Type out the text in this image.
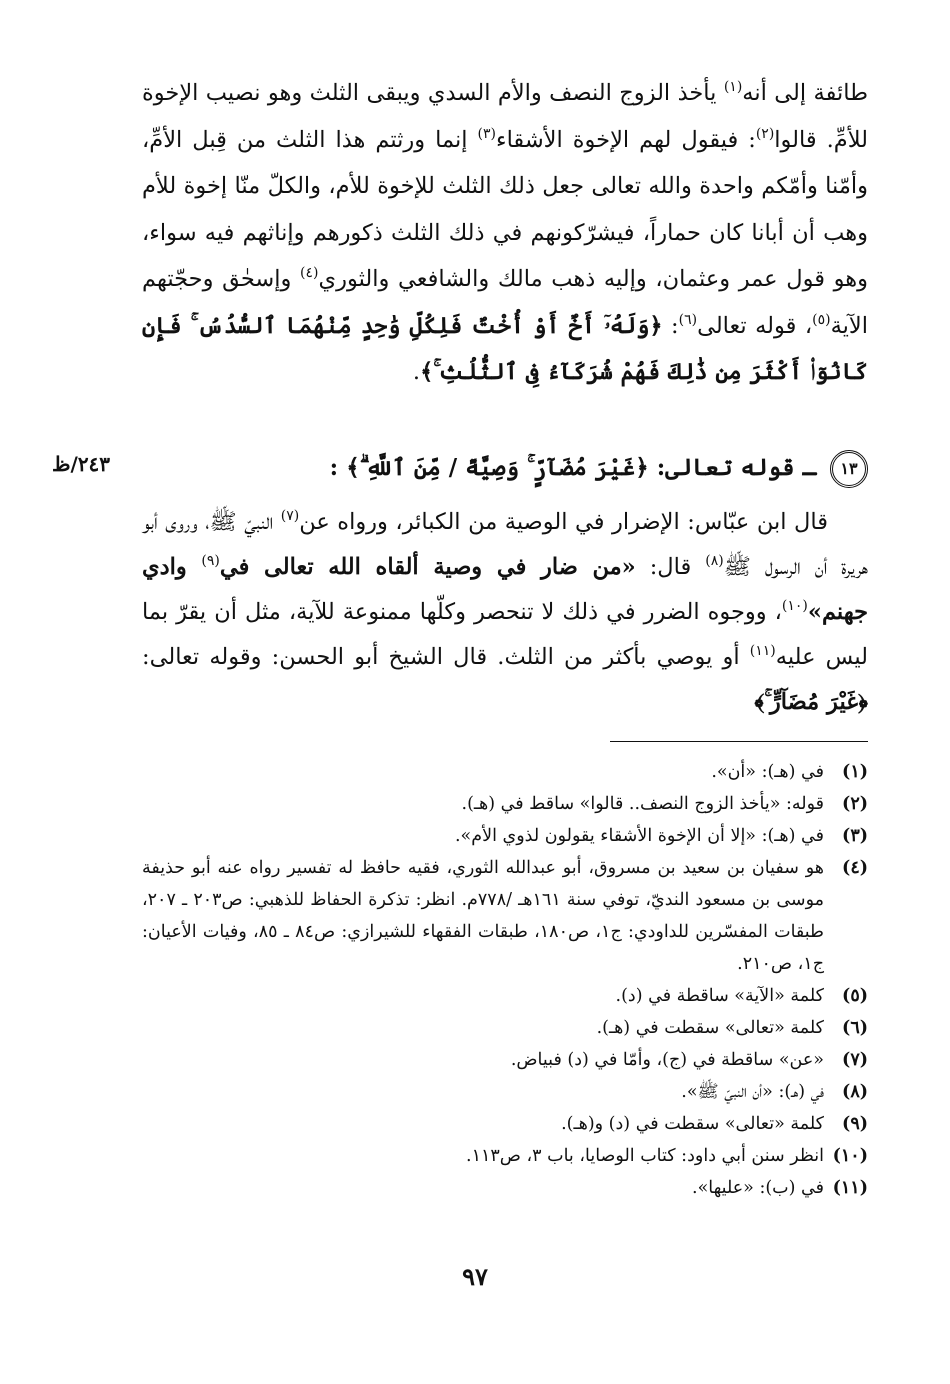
طائفة إلى أنه$^{(١)}$ يأخذ الزوج النصف والأم السدي ويبقى الثلث وهو نصيب الإخوة للأمِّ. قالوا$^{(٢)}$: فيقول لهم الإخوة الأشقاء$^{(٣)}$ إنما ورثتم هذا الثلث من قِبل الأمِّ، وأمّنا وأمّكم واحدة والله تعالى جعل ذلك الثلث للإخوة للأم، والكلّ منّا إخوة للأم وهب أن أبانا كان حماراً، فيشرّكونهم في ذلك الثلث ذكورهم وإناثهم فيه سواء، وهو قول عمر وعثمان، وإليه ذهب مالك والشافعي والثوري$^{(٤)}$ وإسحٰق وحجّتهم الآية$^{(٥)}$، قوله تعالى$^{(٦)}$: ﴿وَلَهُۥٓ أَخٌ أَوْ أُخْتٌ فَلِكُلِّ وَٰحِدٍ مِّنْهُمَا ٱلسُّدُسُ ۚ فَإِن كَانُوٓا۟ أَكْثَرَ مِن ذَٰلِكَ فَهُمْ شُرَكَآءُ فِى ٱلثُّلُثِ ۚ﴾.

١٣ ـ قوله تعالى: ﴿غَيْرَ مُضَآرٍّ ۚ وَصِيَّةً / مِّنَ ٱللَّهِ ۗ﴾ :
٢٤٣/ظ

قال ابن عبّاس: الإضرار في الوصية من الكبائر، ورواه عن$^{(٧)}$ النبيّ ﷺ، وروى أبو هريرة أن الرسول ﷺ$^{(٨)}$ قال: «من ضار في وصية ألقاه الله تعالى في$^{(٩)}$ وادي جهنم»$^{(١٠)}$، ووجوه الضرر في ذلك لا تنحصر وكلّها ممنوعة للآية، مثل أن يقرّ بما ليس عليه$^{(١١)}$ أو يوصي بأكثر من الثلث. قال الشيخ أبو الحسن: وقوله تعالى: ﴿غَيْرَ مُضَآرٍّ ۚ﴾

(١)
في (هـ): «أن».
(٢)
قوله: «يأخذ الزوج النصف.. قالوا» ساقط في (هـ).
(٣)
في (هـ): «إلا أن الإخوة الأشقاء يقولون لذوي الأم».
(٤)
هو سفيان بن سعيد بن مسروق، أبو عبدالله الثوري، فقيه حافظ له تفسير رواه عنه أبو حذيفة موسى بن مسعود النديّ، توفي سنة ١٦١هـ /٧٧٨م. انظر: تذكرة الحفاظ للذهبي: ص٢٠٣ ـ ٢٠٧، طبقات المفسّرين للداودي: ج١، ص١٨٠، طبقات الفقهاء للشيرازي: ص٨٤ ـ ٨٥، وفيات الأعيان: ج١، ص٢١٠.
(٥)
كلمة «الآية» ساقطة في (د).
(٦)
كلمة «تعالى» سقطت في (هـ).
(٧)
«عن» ساقطة في (ج)، وأمّا في (د) فبياض.
(٨)
في (هـ): «أن النبيّ ﷺ».
(٩)
كلمة «تعالى» سقطت في (د) و(هـ).
(١٠)
انظر سنن أبي داود: كتاب الوصايا، باب ٣، ص١١٣.
(١١)
في (ب): «عليها».
٩٧
